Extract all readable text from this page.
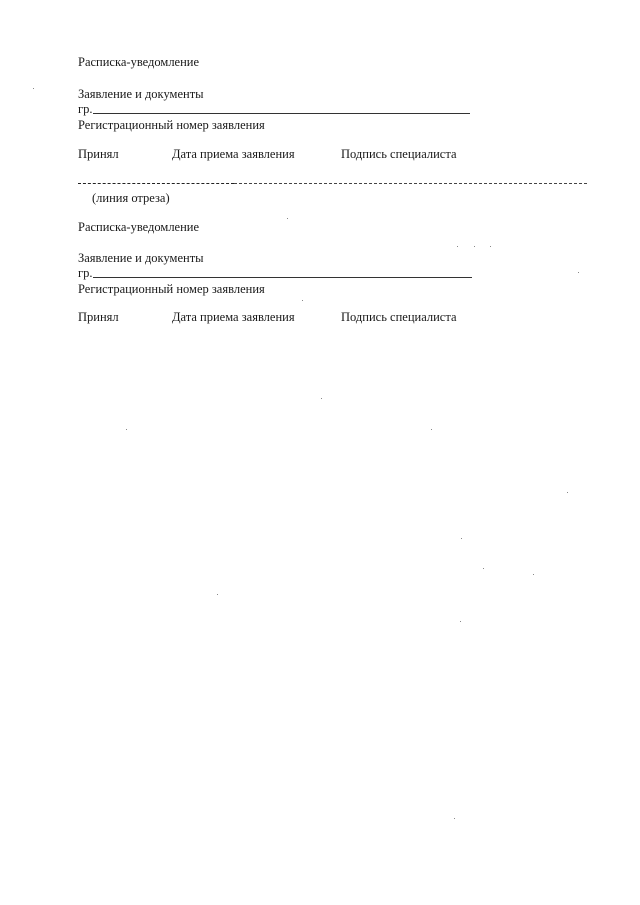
Расписка-уведомление
Заявление и документы
гр.
Регистрационный номер заявления
Принял	Дата приема заявления	Подпись специалиста
(линия отреза)
Расписка-уведомление
Заявление и документы
гр.
Регистрационный номер заявления
Принял	Дата приема заявления	Подпись специалиста
